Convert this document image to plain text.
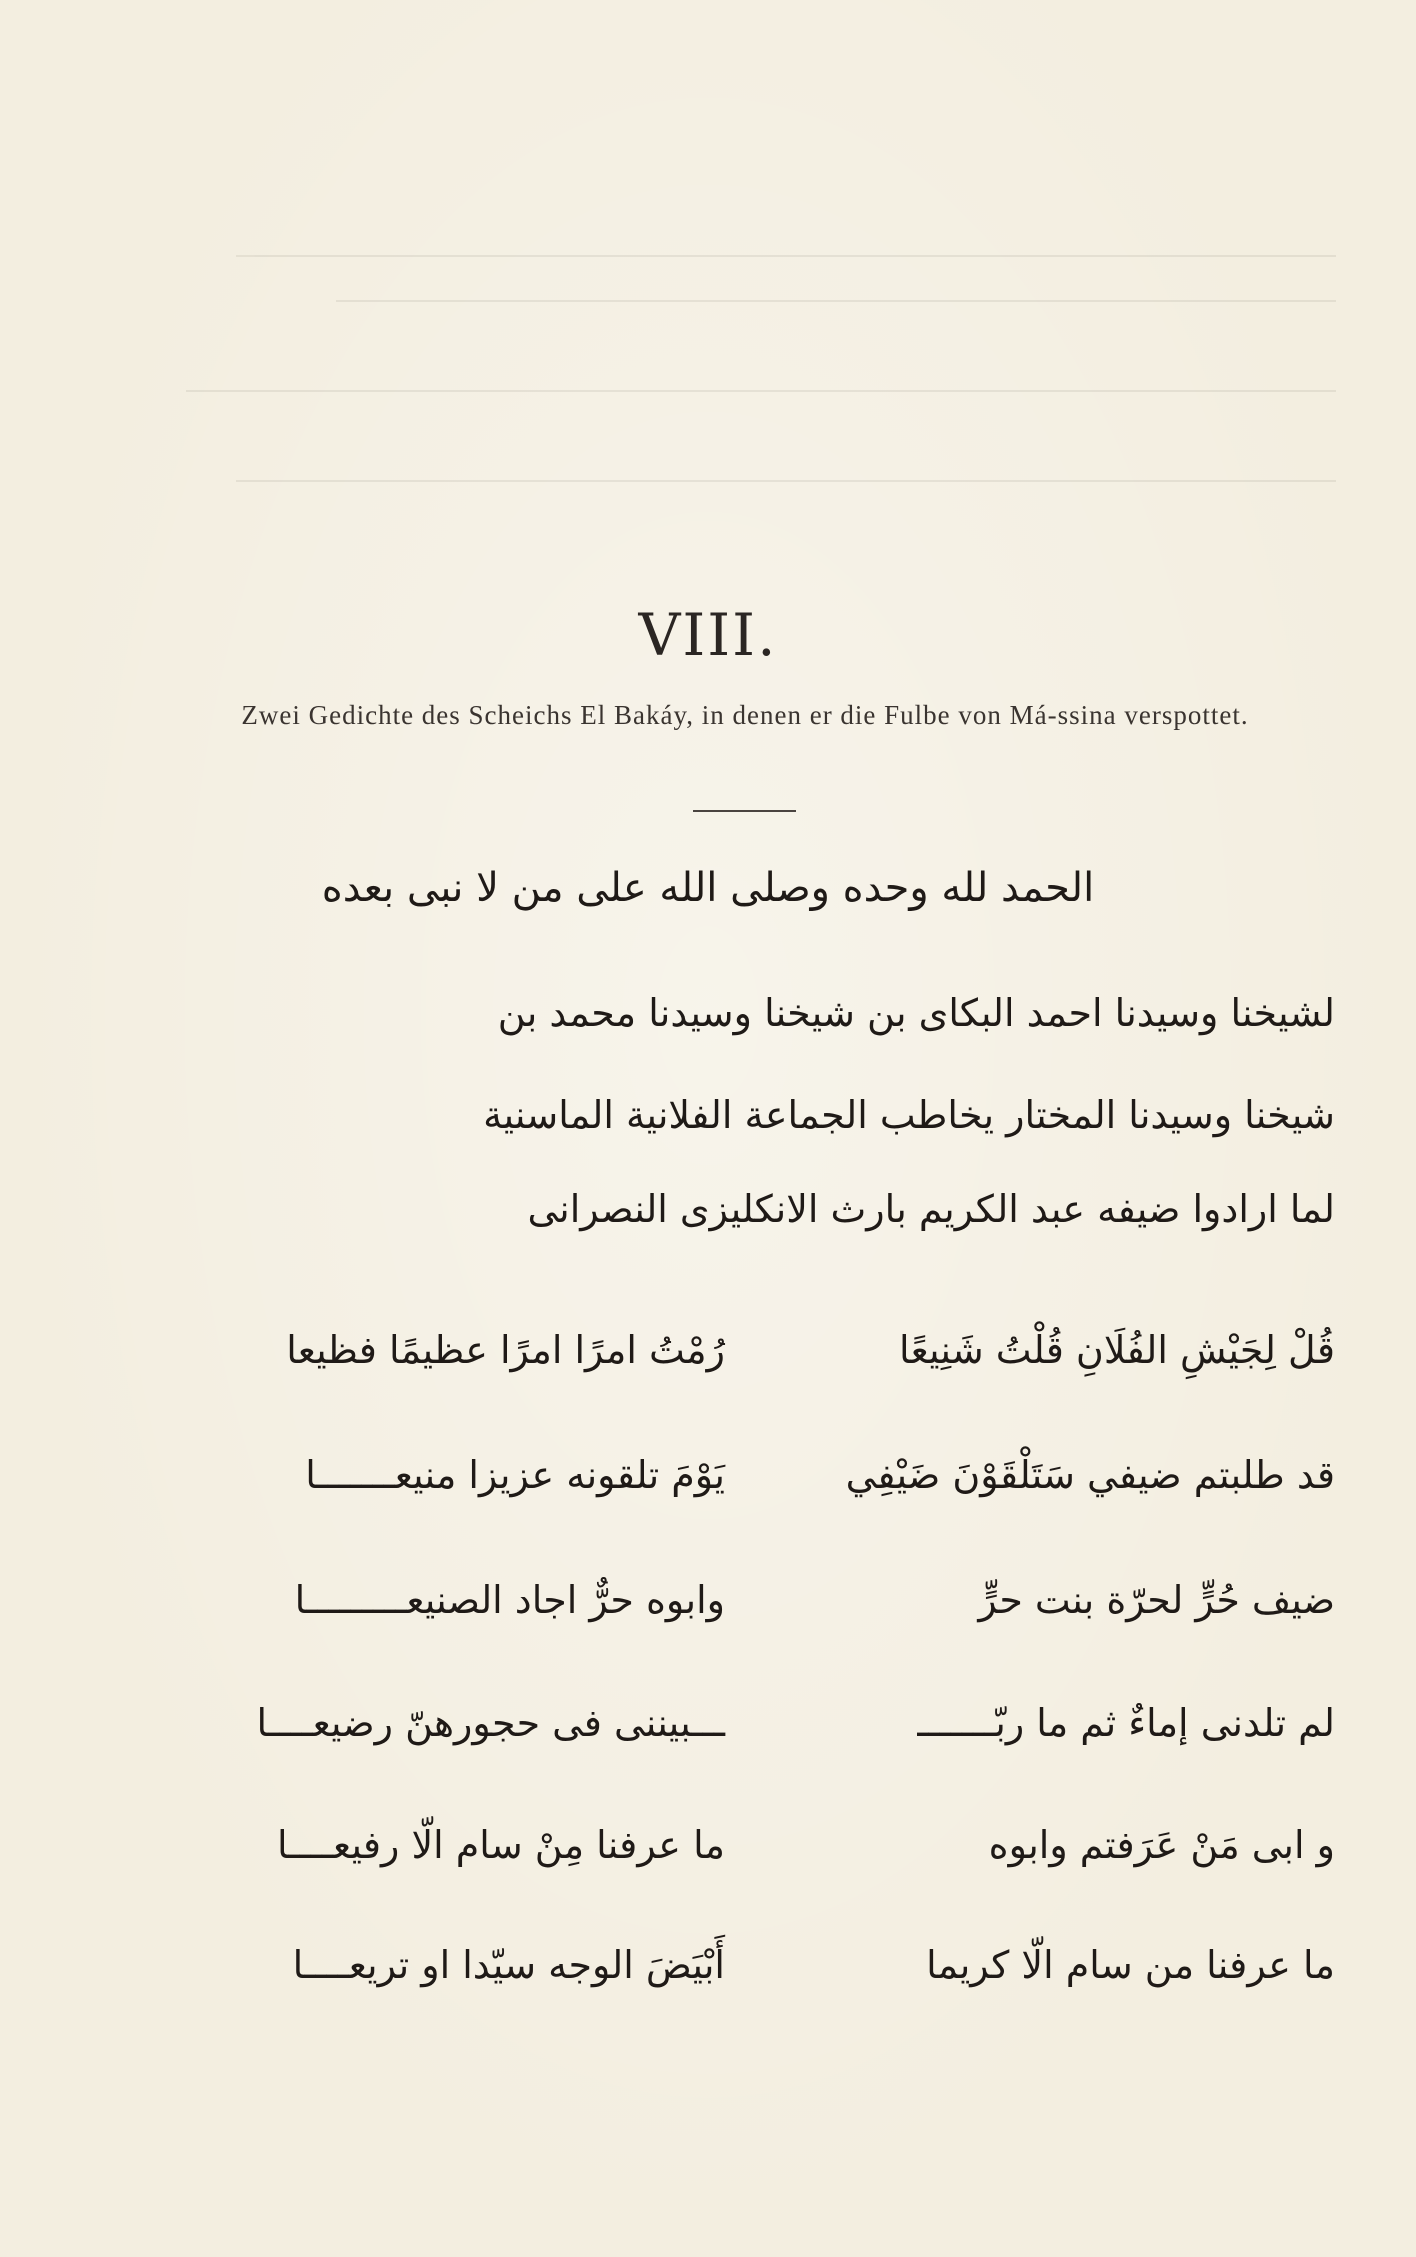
VIII.
Zwei Gedichte des Scheichs El Bakáy, in denen er die Fulbe von Má-ssina verspottet.
الحمد لله وحده وصلى الله على من لا نبى بعده
لشيخنا وسيدنا احمد البكاى بن شيخنا وسيدنا محمد بن
شيخنا وسيدنا المختار يخاطب الجماعة الفلانية الماسنية
لما ارادوا ضيفه عبد الكريم بارث الانكليزى النصرانى
قُلْ لِجَيْشِ الفُلَانِ قُلْتُ شَنِيعًا
رُمْتُ امرًا امرًا عظيمًا فظيعا
قد طلبتم ضيفي سَتَلْقَوْنَ ضَيْفِي
يَوْمَ تلقونه عزيزا منيعـــــــا
ضيف حُرٍّ لحرّة بنت حرٍّ
وابوه حرٌّ اجاد الصنيعـــــــــا
لم تلدنى إماءٌ ثم ما ربّـــــــ
ـــبيننى فى حجورهنّ رضيعــــا
و ابى مَنْ عَرَفتم وابوه
ما عرفنا مِنْ سام الّا رفيعــــا
ما عرفنا من سام الّا كريما
أَبْيَضَ الوجه سيّدا او تريعــــا
